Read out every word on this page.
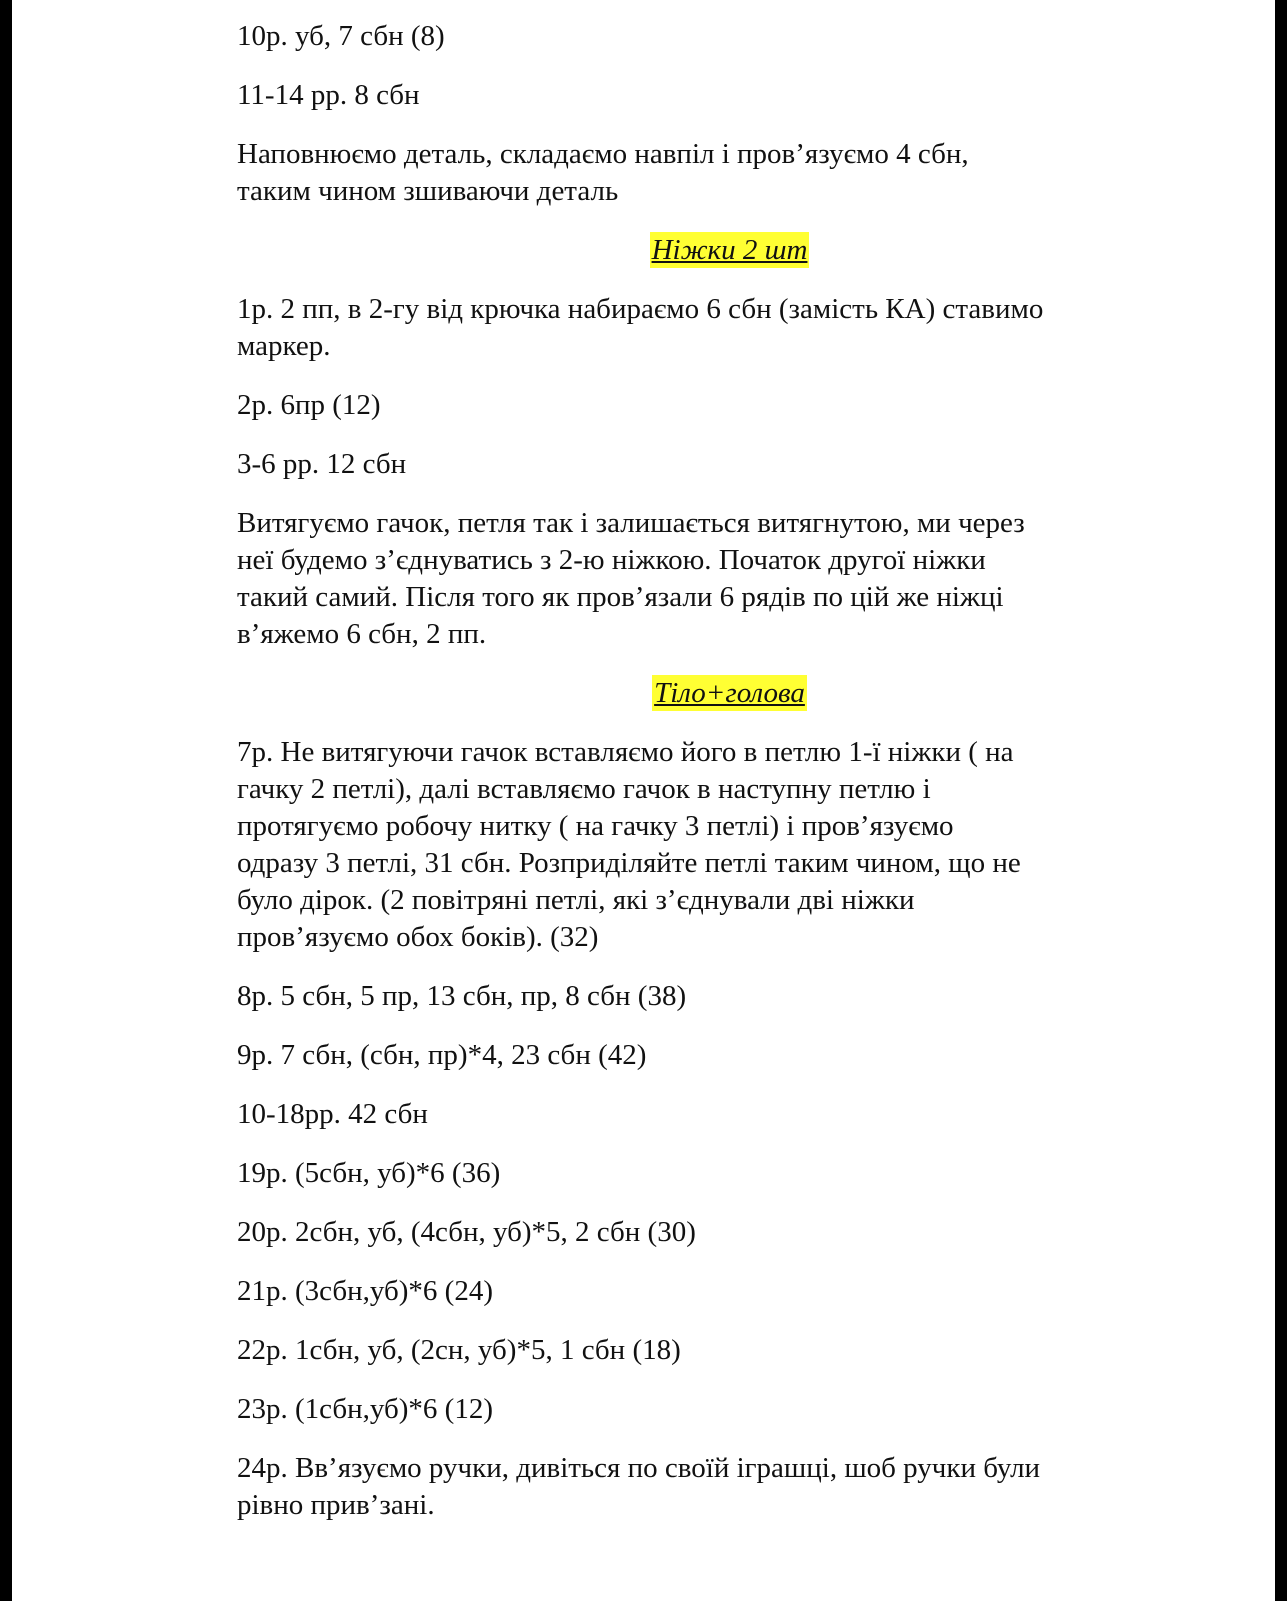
10р. уб, 7 сбн (8)
11-14 рр. 8 сбн
Наповнюємо деталь, складаємо навпіл і пров’язуємо 4 сбн,
таким чином зшиваючи деталь
Ніжки 2 шт
1р. 2 пп, в 2-гу від крючка набираємо 6 сбн (замість КА) ставимо
маркер.
2р. 6пр (12)
3-6 рр. 12 сбн
Витягуємо гачок, петля так і залишається витягнутою, ми через
неї будемо з’єднуватись з 2-ю ніжкою. Початок другої ніжки
такий самий. Після того як пров’язали 6 рядів по цій же ніжці
в’яжемо 6 сбн, 2 пп.
Тіло+голова
7р. Не витягуючи гачок вставляємо його в петлю 1-ї ніжки ( на
гачку 2 петлі), далі вставляємо гачок в наступну петлю і
протягуємо робочу нитку ( на гачку 3 петлі) і пров’язуємо
одразу 3 петлі, 31 сбн. Розприділяйте петлі таким чином, що не
було дірок. (2 повітряні петлі, які з’єднували дві ніжки
пров’язуємо обох боків). (32)
8р. 5 сбн, 5 пр, 13 сбн, пр, 8 сбн (38)
9р. 7 сбн, (сбн, пр)*4, 23 сбн (42)
10-18рр. 42 сбн
19р. (5сбн, уб)*6 (36)
20р. 2сбн, уб, (4сбн, уб)*5, 2 сбн (30)
21р. (3сбн,уб)*6 (24)
22р. 1сбн, уб, (2сн, уб)*5, 1 сбн (18)
23р. (1сбн,уб)*6 (12)
24р. Вв’язуємо ручки, дивіться по своїй іграшці, шоб ручки були
рівно прив’зані.
